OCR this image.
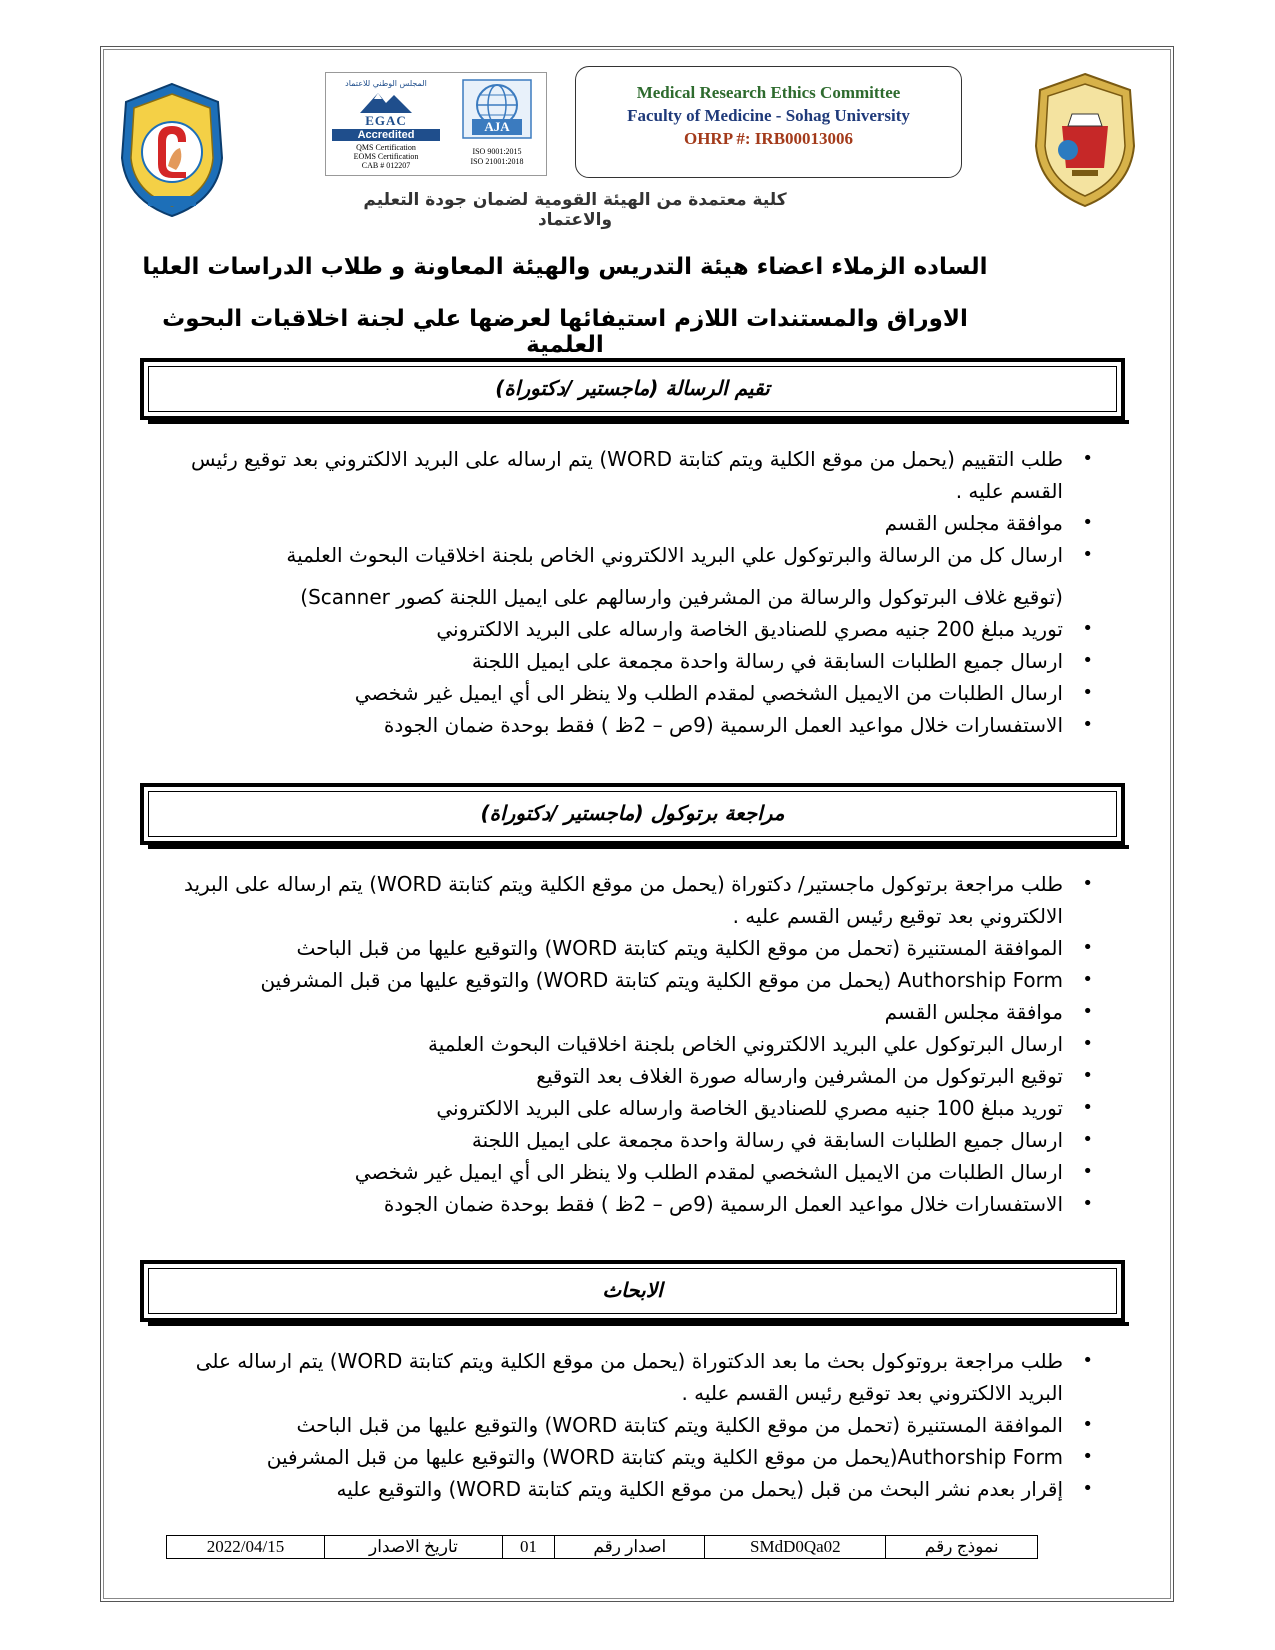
المجلس الوطني للاعتماد
EGAC
Accredited
QMS Certification
EOMS Certification
CAB # 012207
AJA
ISO 9001:2015
ISO 21001:2018
Medical Research Ethics Committee
Faculty of Medicine - Sohag University
OHRP #: IRB00013006
كلية معتمدة من الهيئة القومية لضمان جودة التعليم والاعتماد
الساده الزملاء اعضاء هيئة التدريس والهيئة المعاونة و طلاب الدراسات العليا
الاوراق والمستندات اللازم استيفائها لعرضها علي لجنة اخلاقيات البحوث العلمية
تقيم الرسالة (ماجستير /دكتوراة)
• طلب التقييم (يحمل من موقع الكلية ويتم كتابتة WORD) يتم ارساله على البريد الالكتروني بعد توقيع رئيس القسم عليه .
• موافقة مجلس القسم
• ارسال كل من الرسالة والبرتوكول علي البريد الالكتروني الخاص بلجنة اخلاقيات البحوث العلمية
(توقيع غلاف البرتوكول والرسالة من المشرفين وارسالهم على ايميل اللجنة كصور Scanner)
• توريد مبلغ 200 جنيه مصري للصناديق الخاصة وارساله على البريد الالكتروني
• ارسال جميع الطلبات السابقة في رسالة واحدة مجمعة على ايميل اللجنة
• ارسال الطلبات من الايميل الشخصي لمقدم الطلب ولا ينظر الى أي ايميل غير شخصي
• الاستفسارات خلال مواعيد العمل الرسمية (9ص – 2ظ ) فقط بوحدة ضمان الجودة
مراجعة برتوكول (ماجستير /دكتوراة)
• طلب مراجعة برتوكول ماجستير/ دكتوراة (يحمل من موقع الكلية ويتم كتابتة WORD) يتم ارساله على البريد الالكتروني بعد توقيع رئيس القسم عليه .
• الموافقة المستنيرة (تحمل من موقع الكلية ويتم كتابتة WORD) والتوقيع عليها من قبل الباحث
• Authorship Form (يحمل من موقع الكلية ويتم كتابتة WORD) والتوقيع عليها من قبل المشرفين
• موافقة مجلس القسم
• ارسال البرتوكول علي البريد الالكتروني الخاص بلجنة اخلاقيات البحوث العلمية
• توقيع البرتوكول من المشرفين وارساله صورة الغلاف بعد التوقيع
• توريد مبلغ 100 جنيه مصري للصناديق الخاصة وارساله على البريد الالكتروني
• ارسال جميع الطلبات السابقة في رسالة واحدة مجمعة على ايميل اللجنة
• ارسال الطلبات من الايميل الشخصي لمقدم الطلب ولا ينظر الى أي ايميل غير شخصي
• الاستفسارات خلال مواعيد العمل الرسمية (9ص – 2ظ ) فقط بوحدة ضمان الجودة
الابحاث
• طلب مراجعة بروتوكول بحث ما بعد الدكتوراة (يحمل من موقع الكلية ويتم كتابتة WORD) يتم ارساله على البريد الالكتروني بعد توقيع رئيس القسم عليه .
• الموافقة المستنيرة (تحمل من موقع الكلية ويتم كتابتة WORD) والتوقيع عليها من قبل الباحث
• Authorship Form(يحمل من موقع الكلية ويتم كتابتة WORD) والتوقيع عليها من قبل المشرفين
• إقرار بعدم نشر البحث من قبل (يحمل من موقع الكلية ويتم كتابتة WORD) والتوقيع عليه
نموذج رقم	SMdD0Qa02	اصدار رقم	01	تاريخ الاصدار	2022/04/15
